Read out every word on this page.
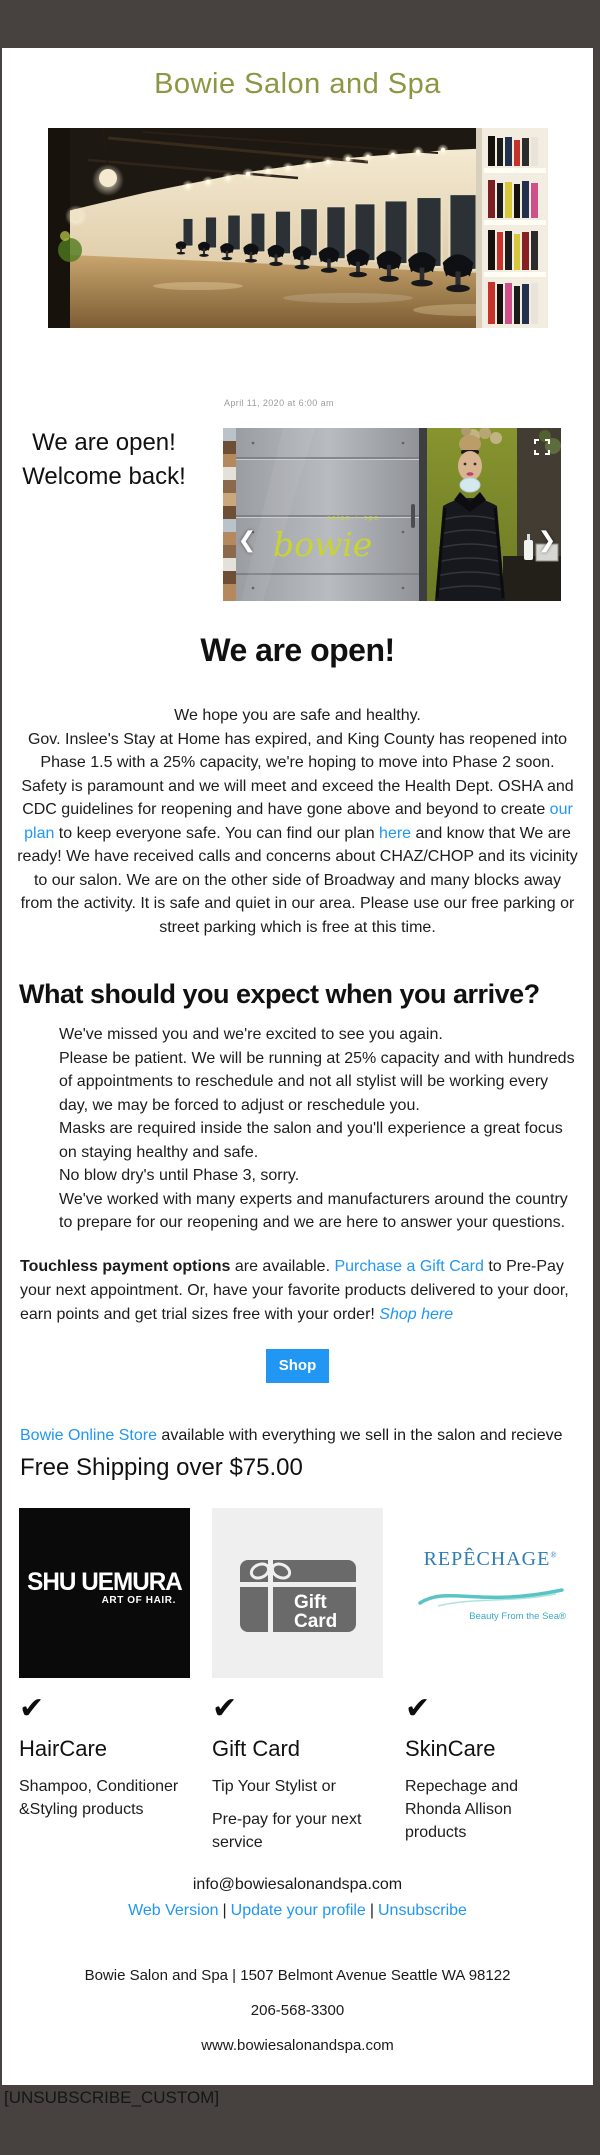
Bowie Salon and Spa
We are open!
Welcome back!
April 11, 2020 at 6:00 am
salon + spa
bowie
❮	❯
We are open!
We hope you are safe and healthy.
Gov. Inslee's Stay at Home has expired, and King County has reopened into Phase 1.5 with a 25% capacity, we're hoping to move into Phase 2 soon. Safety is paramount and we will meet and exceed the Health Dept. OSHA and CDC guidelines for reopening and have gone above and beyond to create our plan to keep everyone safe. You can find our plan here and know that We are ready! We have received calls and concerns about CHAZ/CHOP and its vicinity to our salon. We are on the other side of Broadway and many blocks away from the activity. It is safe and quiet in our area. Please use our free parking or street parking which is free at this time.
What should you expect when you arrive?
We've missed you and we're excited to see you again.
Please be patient. We will be running at 25% capacity and with hundreds of appointments to reschedule and not all stylist will be working every day, we may be forced to adjust or reschedule you.
Masks are required inside the salon and you'll experience a great focus on staying healthy and safe.
No blow dry's until Phase 3, sorry.
We've worked with many experts and manufacturers around the country to prepare for our reopening and we are here to answer your questions.
Touchless payment options are available. Purchase a Gift Card to Pre-Pay your next appointment. Or, have your favorite products delivered to your door, earn points and get trial sizes free with your order! Shop here
Shop
Bowie Online Store available with everything we sell in the salon and recieve
Free Shipping over $75.00
SHU UEMURA
ART OF HAIR.
✔
HairCare

Shampoo, Conditioner &Styling products

Gift
Card
✔
Gift Card

Tip Your Stylist or

Pre-pay for your next service

REPÊCHAGE®
Beauty From the Sea®
✔
SkinCare

Repechage and Rhonda Allison products

info@bowiesalonandspa.com
Web Version | Update your profile | Unsubscribe
Bowie Salon and Spa | 1507 Belmont Avenue Seattle WA 98122
206-568-3300
www.bowiesalonandspa.com
[UNSUBSCRIBE_CUSTOM]
